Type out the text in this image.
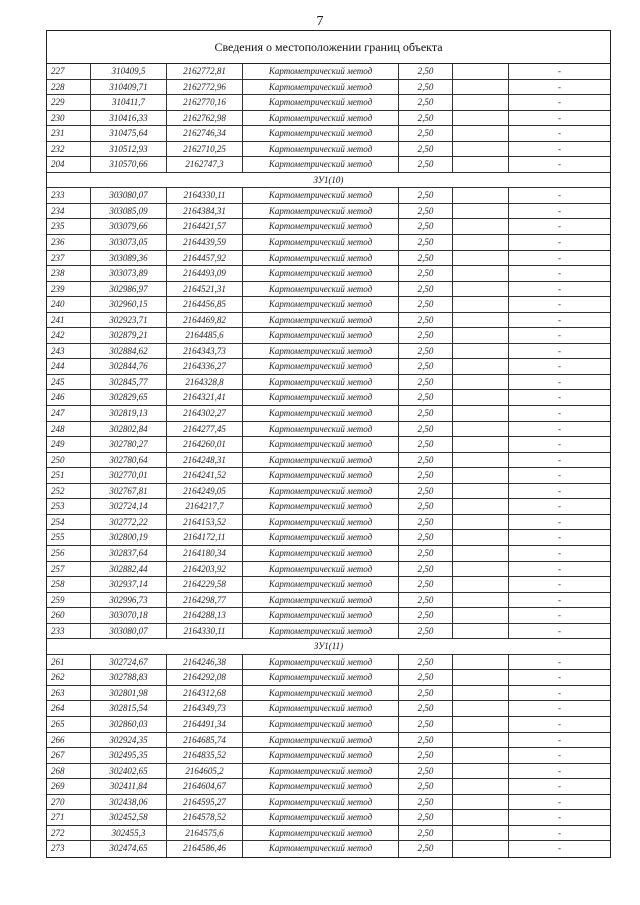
7
Сведения о местоположении границ объекта
227	310409,5	2162772,81	Картометрический метод	2,50	-
228	310409,71	2162772,96	Картометрический метод	2,50	-
229	310411,7	2162770,16	Картометрический метод	2,50	-
230	310416,33	2162762,98	Картометрический метод	2,50	-
231	310475,64	2162746,34	Картометрический метод	2,50	-
232	310512,93	2162710,25	Картометрический метод	2,50	-
204	310570,66	2162747,3	Картометрический метод	2,50	-
ЗУ1(10)
233	303080,07	2164330,11	Картометрический метод	2,50	-
234	303085,09	2164384,31	Картометрический метод	2,50	-
235	303079,66	2164421,57	Картометрический метод	2,50	-
236	303073,05	2164439,59	Картометрический метод	2,50	-
237	303089,36	2164457,92	Картометрический метод	2,50	-
238	303073,89	2164493,09	Картометрический метод	2,50	-
239	302986,97	2164521,31	Картометрический метод	2,50	-
240	302960,15	2164456,85	Картометрический метод	2,50	-
241	302923,71	2164469,82	Картометрический метод	2,50	-
242	302879,21	2164485,6	Картометрический метод	2,50	-
243	302884,62	2164343,73	Картометрический метод	2,50	-
244	302844,76	2164336,27	Картометрический метод	2,50	-
245	302845,77	2164328,8	Картометрический метод	2,50	-
246	302829,65	2164321,41	Картометрический метод	2,50	-
247	302819,13	2164302,27	Картометрический метод	2,50	-
248	302802,84	2164277,45	Картометрический метод	2,50	-
249	302780,27	2164260,01	Картометрический метод	2,50	-
250	302780,64	2164248,31	Картометрический метод	2,50	-
251	302770,01	2164241,52	Картометрический метод	2,50	-
252	302767,81	2164249,05	Картометрический метод	2,50	-
253	302724,14	2164217,7	Картометрический метод	2,50	-
254	302772,22	2164153,52	Картометрический метод	2,50	-
255	302800,19	2164172,11	Картометрический метод	2,50	-
256	302837,64	2164180,34	Картометрический метод	2,50	-
257	302882,44	2164203,92	Картометрический метод	2,50	-
258	302937,14	2164229,58	Картометрический метод	2,50	-
259	302996,73	2164298,77	Картометрический метод	2,50	-
260	303070,18	2164288,13	Картометрический метод	2,50	-
233	303080,07	2164330,11	Картометрический метод	2,50	-
ЗУ1(11)
261	302724,67	2164246,38	Картометрический метод	2,50	-
262	302788,83	2164292,08	Картометрический метод	2,50	-
263	302801,98	2164312,68	Картометрический метод	2,50	-
264	302815,54	2164349,73	Картометрический метод	2,50	-
265	302860,03	2164491,34	Картометрический метод	2,50	-
266	302924,35	2164685,74	Картометрический метод	2,50	-
267	302495,35	2164835,52	Картометрический метод	2,50	-
268	302402,65	2164605,2	Картометрический метод	2,50	-
269	302411,84	2164604,67	Картометрический метод	2,50	-
270	302438,06	2164595,27	Картометрический метод	2,50	-
271	302452,58	2164578,52	Картометрический метод	2,50	-
272	302455,3	2164575,6	Картометрический метод	2,50	-
273	302474,65	2164586,46	Картометрический метод	2,50	-
